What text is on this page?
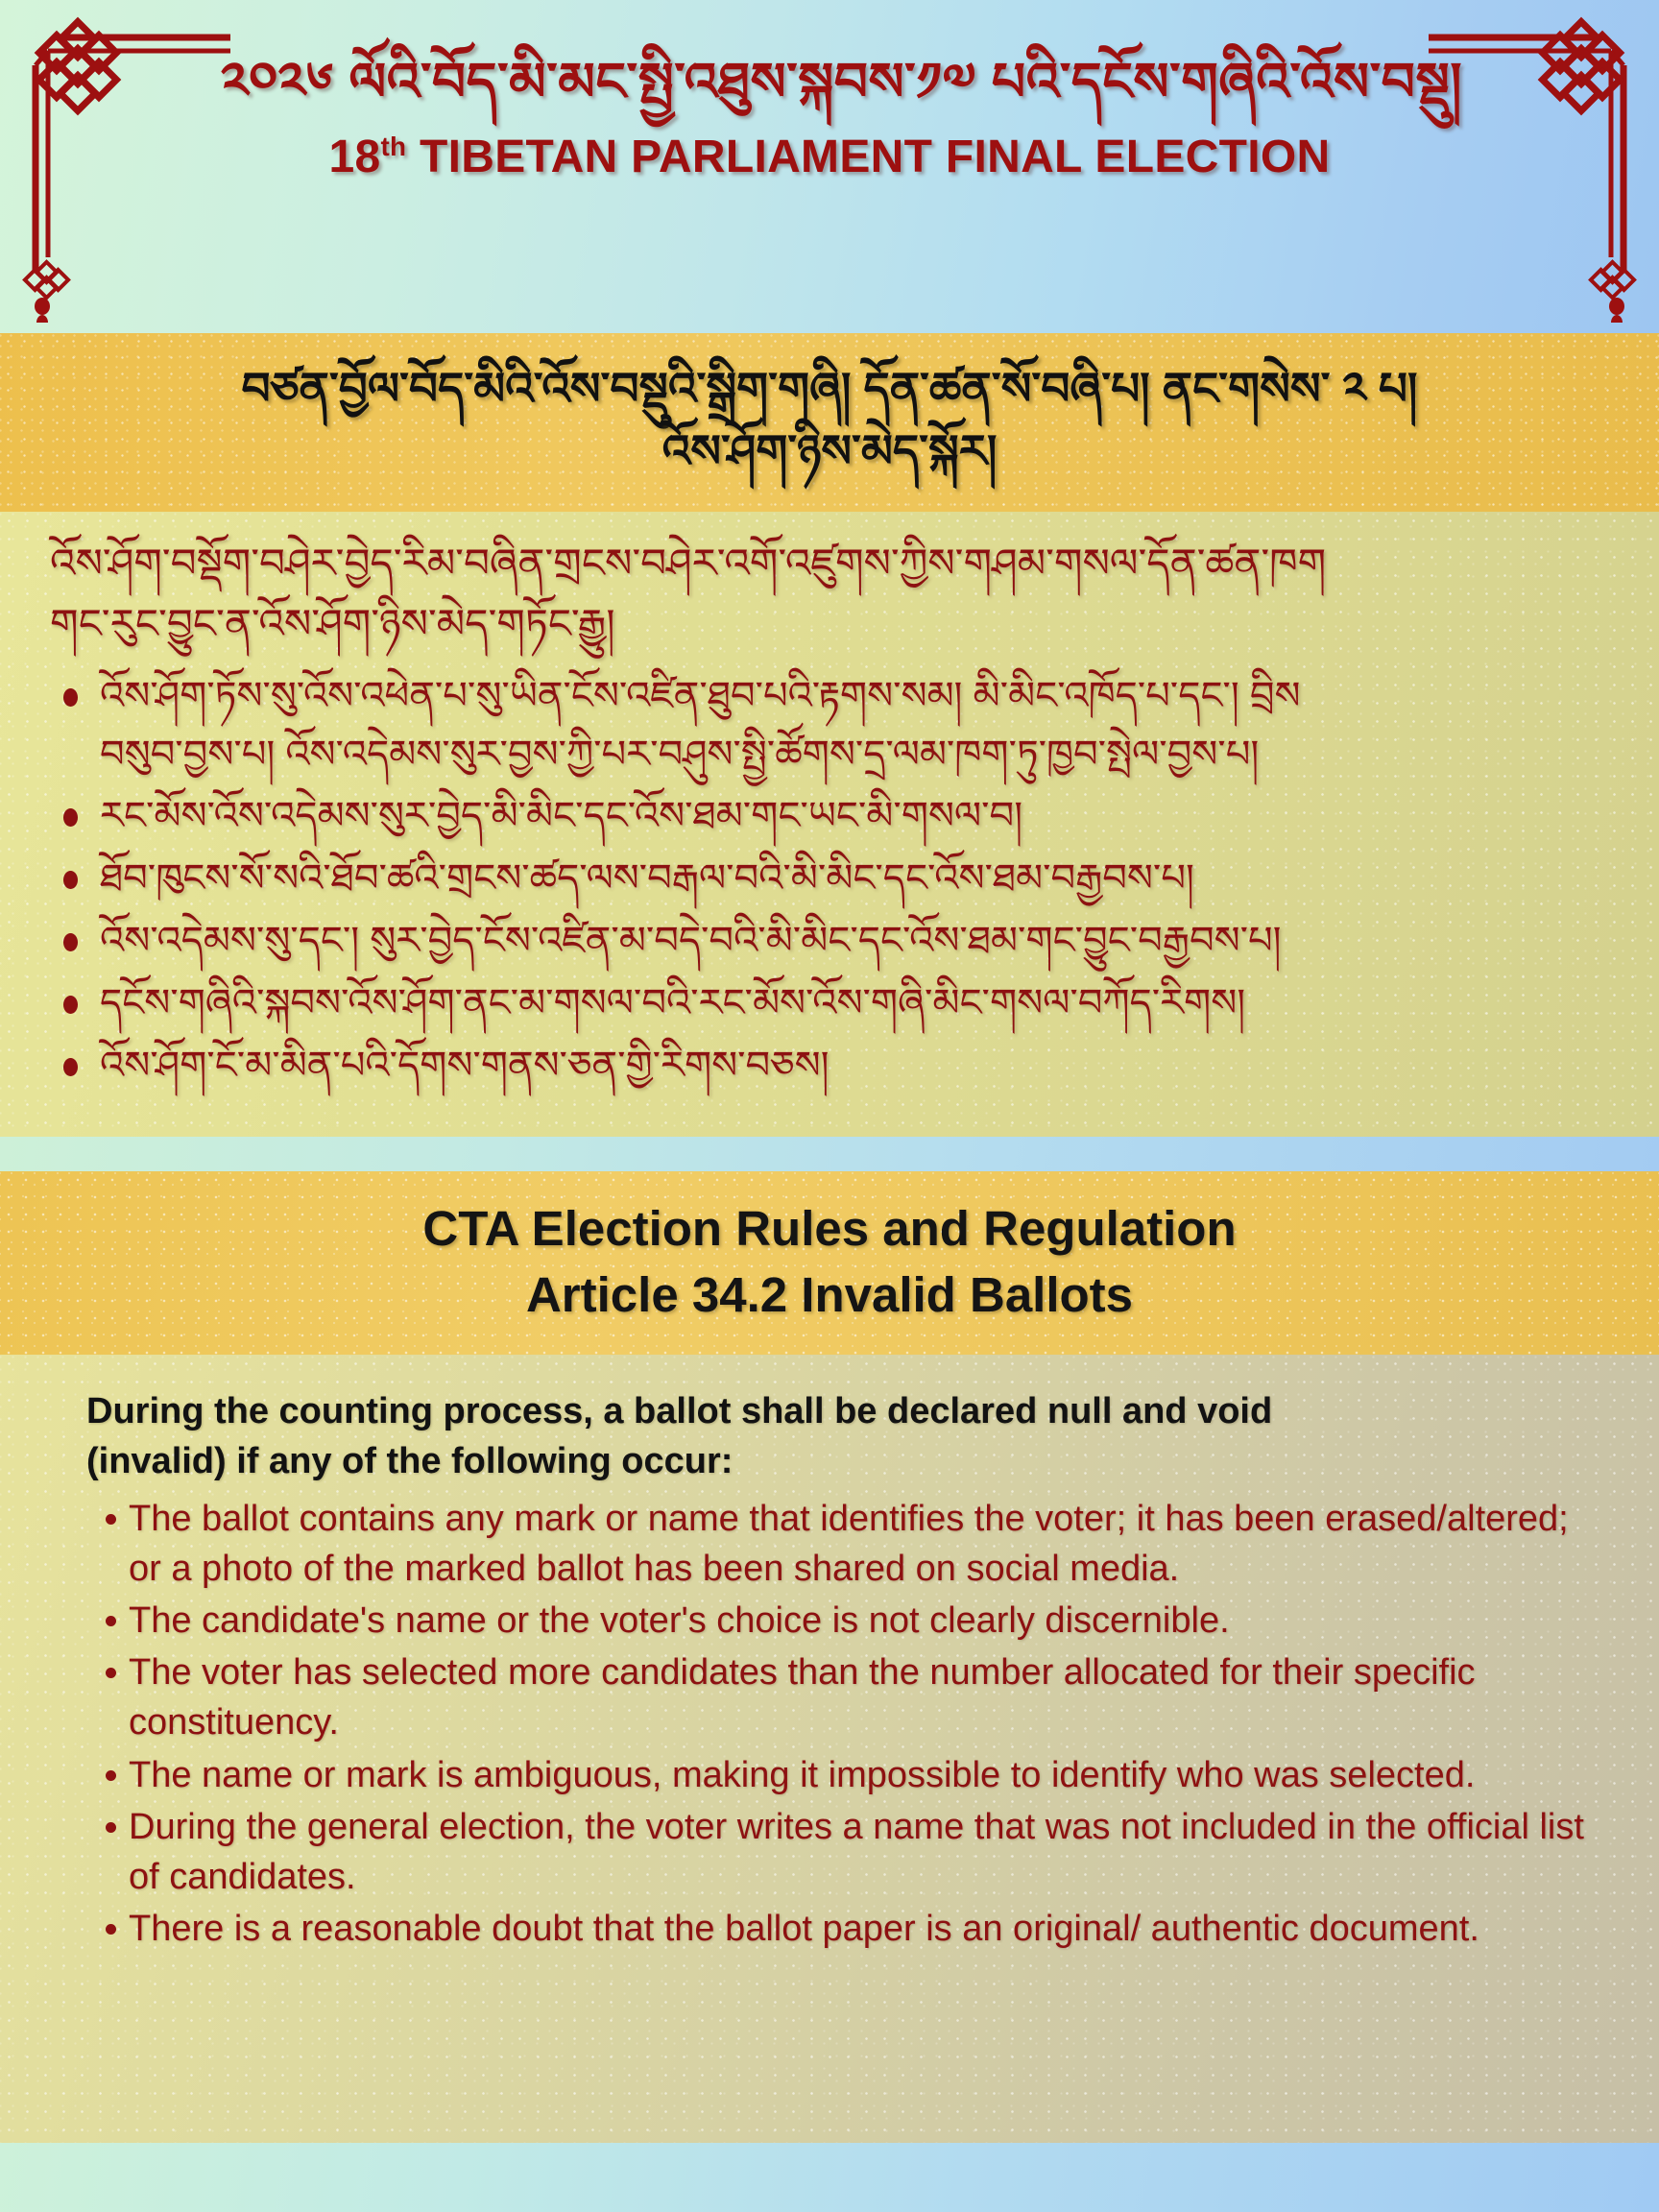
༢༠༢༦ ལོའི་བོད་མི་མང་སྤྱི་འཐུས་སྐབས་༡༧ པའི་དངོས་གཞིའི་འོས་བསྡུ།
18th TIBETAN PARLIAMENT FINAL ELECTION
བཙན་བྱོལ་བོད་མིའི་འོས་བསྡུའི་སྒྲིག་གཞི། དོན་ཚན་སོ་བཞི་པ། ནང་གསེས་ ༢ པ།
འོས་ཤོག་ཉིས་མེད་སྐོར།
འོས་ཤོག་བསྡོག་བཤེར་བྱེད་རིམ་བཞིན་གྲངས་བཤེར་འགོ་འཛུགས་ཀྱིས་གཤམ་གསལ་དོན་ཚན་ཁག
གང་རུང་བྱུང་ན་འོས་ཤོག་ཉིས་མེད་གཏོང་རྒྱུ།
འོས་ཤོག་ཏོས་སུ་འོས་འཕེན་པ་སུ་ཡིན་ངོས་འཛིན་ཐུབ་པའི་རྟགས་སམ། མི་མིང་འཁོད་པ་དང་། བྲིས
བསུབ་བྱས་པ། འོས་འདེམས་སུར་བྱས་ཀྱི་པར་བཤུས་སྤྱི་ཚོགས་དྲ་ལམ་ཁག་ཏུ་ཁྱབ་སྤེལ་བྱས་པ།
རང་མོས་འོས་འདེམས་སུར་བྱེད་མི་མིང་དང་འོས་ཐམ་གང་ཡང་མི་གསལ་བ།
ཐོབ་ཁུངས་སོ་སའི་ཐོབ་ཚའི་གྲངས་ཚད་ལས་བརྒལ་བའི་མི་མིང་དང་འོས་ཐམ་བརྒྱབས་པ།
འོས་འདེམས་སུ་དང་། སུར་བྱེད་ངོས་འཛིན་མ་བདེ་བའི་མི་མིང་དང་འོས་ཐམ་གང་བྱུང་བརྒྱབས་པ།
དངོས་གཞིའི་སྐབས་འོས་ཤོག་ནང་མ་གསལ་བའི་རང་མོས་འོས་གཞི་མིང་གསལ་བཀོད་རིགས།
འོས་ཤོག་ངོ་མ་མིན་པའི་དོགས་གནས་ཅན་གྱི་རིགས་བཅས།
CTA Election Rules and Regulation
Article 34.2 Invalid Ballots
During the counting process, a ballot shall be declared null and void
(invalid) if any of the following occur:
The ballot contains any mark or name that identifies the voter; it has been erased/altered; or a photo of the marked ballot has been shared on social media.
The candidate's name or the voter's choice is not clearly discernible.
The voter has selected more candidates than the number allocated for their specific constituency.
The name or mark is ambiguous, making it impossible to identify who was selected.
During the general election, the voter writes a name that was not included in the official list of candidates.
There is a reasonable doubt that the ballot paper is an original/ authentic document.
